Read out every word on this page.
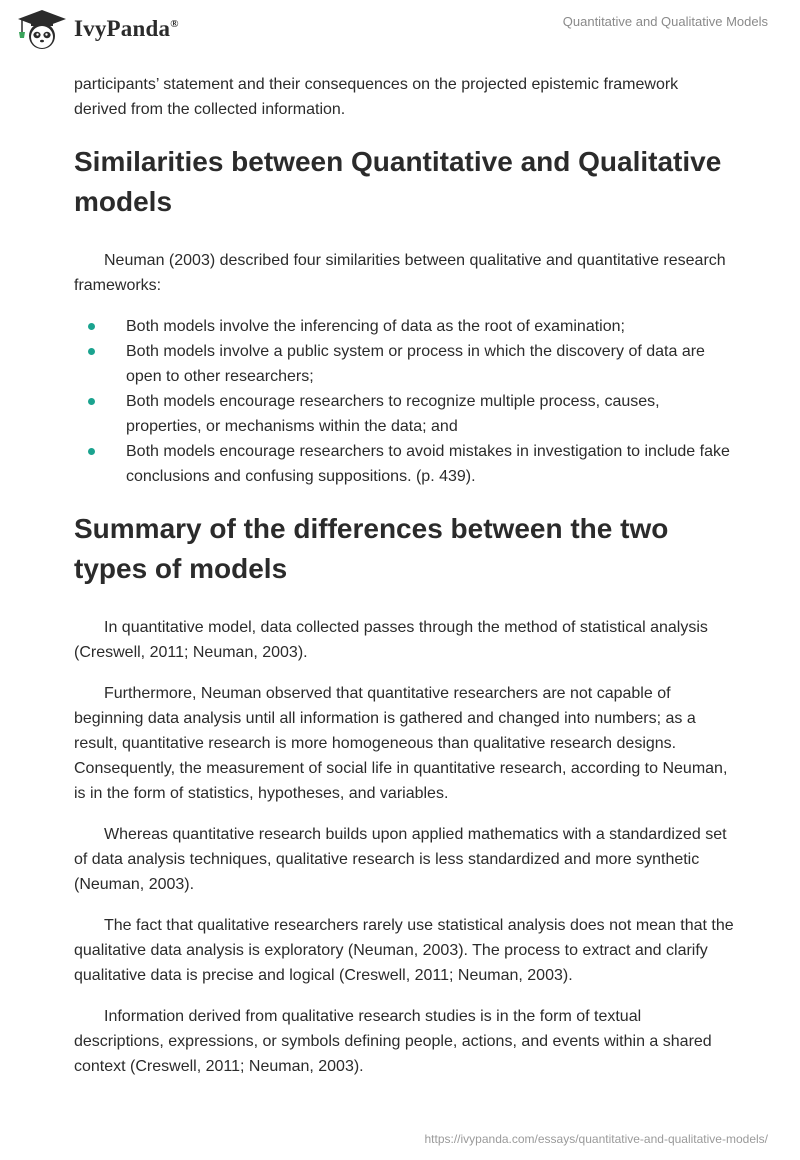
IvyPanda®	Quantitative and Qualitative Models

participants’ statement and their consequences on the projected epistemic framework derived from the collected information.

Similarities between Quantitative and Qualitative models

Neuman (2003) described four similarities between qualitative and quantitative research frameworks:

Both models involve the inferencing of data as the root of examination;
Both models involve a public system or process in which the discovery of data are open to other researchers;
Both models encourage researchers to recognize multiple process, causes, properties, or mechanisms within the data; and
Both models encourage researchers to avoid mistakes in investigation to include fake conclusions and confusing suppositions. (p. 439).
Summary of the differences between the two types of models

In quantitative model, data collected passes through the method of statistical analysis (Creswell, 2011; Neuman, 2003).

Furthermore, Neuman observed that quantitative researchers are not capable of beginning data analysis until all information is gathered and changed into numbers; as a result, quantitative research is more homogeneous than qualitative research designs. Consequently, the measurement of social life in quantitative research, according to Neuman, is in the form of statistics, hypotheses, and variables.

Whereas quantitative research builds upon applied mathematics with a standardized set of data analysis techniques, qualitative research is less standardized and more synthetic (Neuman, 2003).

The fact that qualitative researchers rarely use statistical analysis does not mean that the qualitative data analysis is exploratory (Neuman, 2003). The process to extract and clarify qualitative data is precise and logical (Creswell, 2011; Neuman, 2003).

Information derived from qualitative research studies is in the form of textual descriptions, expressions, or symbols defining people, actions, and events within a shared context (Creswell, 2011; Neuman, 2003).

https://ivypanda.com/essays/quantitative-and-qualitative-models/
